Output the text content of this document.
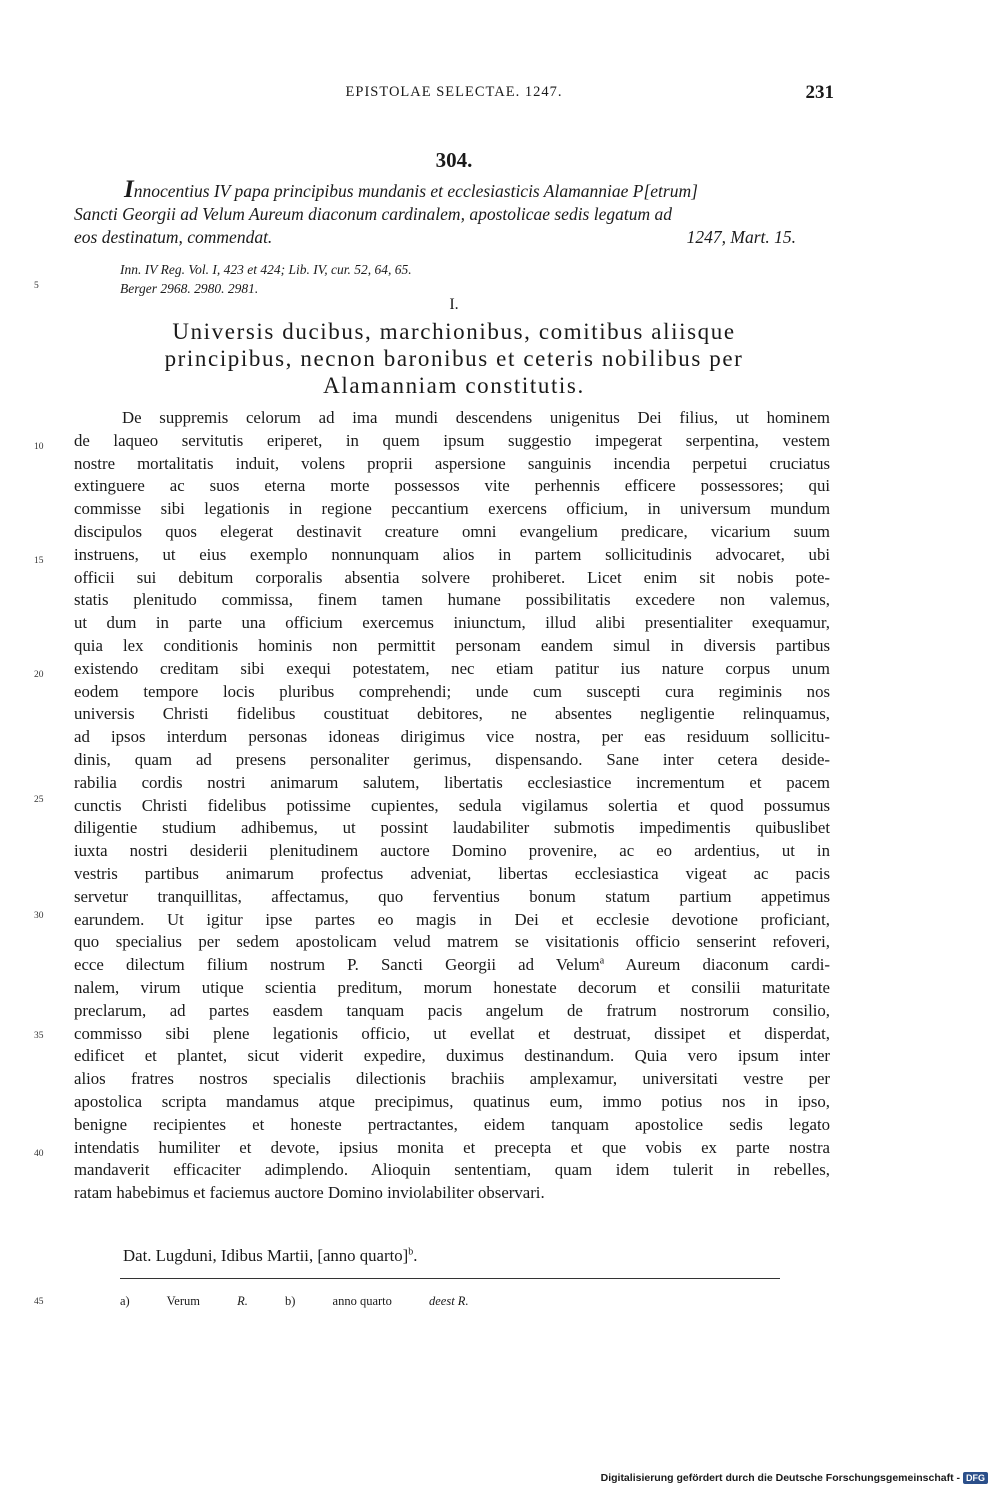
EPISTOLAE SELECTAE. 1247.	231
304.
Innocentius IV papa principibus mundanis et ecclesiasticis Alamanniae P[etrum]
Sancti Georgii ad Velum Aureum diaconum cardinalem, apostolicae sedis legatum ad
eos destinatum, commendat.	1247, Mart. 15.
Inn. IV Reg. Vol. I, 423 et 424; Lib. IV, cur. 52, 64, 65.
Berger 2968. 2980. 2981.
I.
Universis ducibus, marchionibus, comitibus aliisque
principibus, necnon baronibus et ceteris nobilibus per
Alamanniam constitutis.
De suppremis celorum ad ima mundi descendens unigenitus Dei filius, ut hominem
de laqueo servitutis eriperet, in quem ipsum suggestio impegerat serpentina, vestem
nostre mortalitatis induit, volens proprii aspersione sanguinis incendia perpetui cruciatus
extinguere ac suos eterna morte possessos vite perhennis efficere possessores; qui
commisse sibi legationis in regione peccantium exercens officium, in universum mundum
discipulos quos elegerat destinavit creature omni evangelium predicare, vicarium suum
instruens, ut eius exemplo nonnunquam alios in partem sollicitudinis advocaret, ubi
officii sui debitum corporalis absentia solvere prohiberet. Licet enim sit nobis pote-
statis plenitudo commissa, finem tamen humane possibilitatis excedere non valemus,
ut dum in parte una officium exercemus iniunctum, illud alibi presentialiter exequamur,
quia lex conditionis hominis non permittit personam eandem simul in diversis partibus
existendo creditam sibi exequi potestatem, nec etiam patitur ius nature corpus unum
eodem tempore locis pluribus comprehendi; unde cum suscepti cura regiminis nos
universis Christi fidelibus coustituat debitores, ne absentes negligentie relinquamus,
ad ipsos interdum personas idoneas dirigimus vice nostra, per eas residuum sollicitu-
dinis, quam ad presens personaliter gerimus, dispensando. Sane inter cetera deside-
rabilia cordis nostri animarum salutem, libertatis ecclesiastice incrementum et pacem
cunctis Christi fidelibus potissime cupientes, sedula vigilamus solertia et quod possumus
diligentie studium adhibemus, ut possint laudabiliter submotis impedimentis quibuslibet
iuxta nostri desiderii plenitudinem auctore Domino provenire, ac eo ardentius, ut in
vestris partibus animarum profectus adveniat, libertas ecclesiastica vigeat ac pacis
servetur tranquillitas, affectamus, quo ferventius bonum statum partium appetimus
earundem. Ut igitur ipse partes eo magis in Dei et ecclesie devotione proficiant,
quo specialius per sedem apostolicam velud matrem se visitationis officio senserint refoveri,
ecce dilectum filium nostrum P. Sancti Georgii ad Velum$^a$ Aureum diaconum cardi-
nalem, virum utique scientia preditum, morum honestate decorum et consilii maturitate
preclarum, ad partes easdem tanquam pacis angelum de fratrum nostrorum consilio,
commisso sibi plene legationis officio, ut evellat et destruat, dissipet et disperdat,
edificet et plantet, sicut viderit expedire, duximus destinandum. Quia vero ipsum inter
alios fratres nostros specialis dilectionis brachiis amplexamur, universitati vestre per
apostolica scripta mandamus atque precipimus, quatinus eum, immo potius nos in ipso,
benigne recipientes et honeste pertractantes, eidem tanquam apostolice sedis legato
intendatis humiliter et devote, ipsius monita et precepta et que vobis ex parte nostra
mandaverit efficaciter adimplendo. Alioquin sententiam, quam idem tulerit in rebelles,
ratam habebimus et faciemus auctore Domino inviolabiliter observari.
Dat. Lugduni, Idibus Martii, [anno quarto]$^b$.
a)	Verum	R.	b)	anno quarto	deest R.
5
10
15
20
25
30
35
40
45
Digitalisierung gefördert durch die Deutsche Forschungsgemeinschaft - DFG
